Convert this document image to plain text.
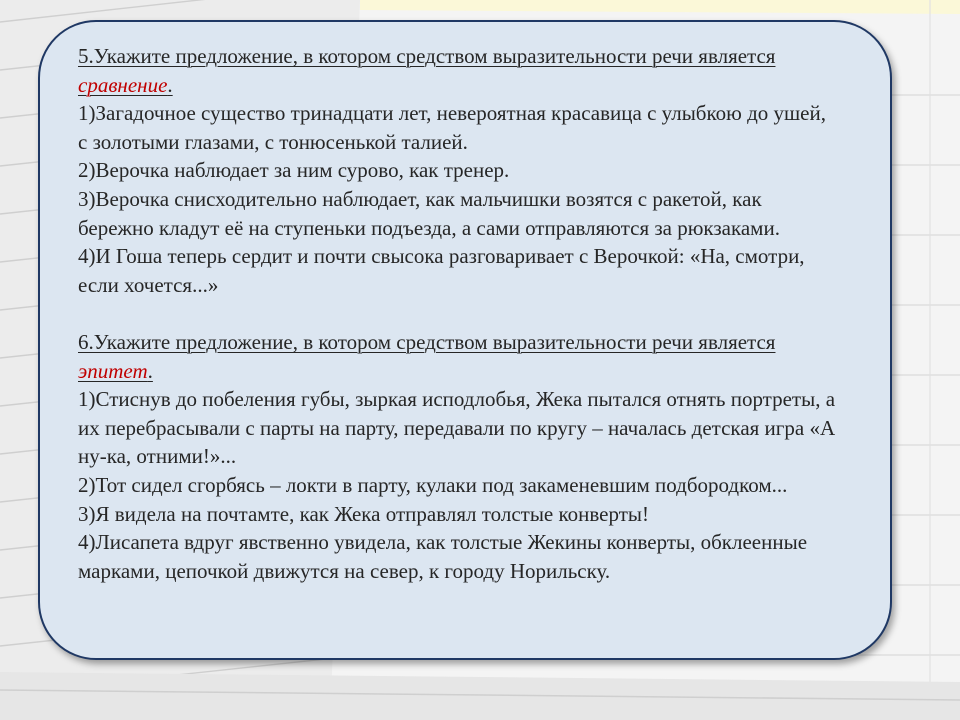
5.Укажите предложение, в котором средством выразительности речи является сравнение.

1)Загадочное существо тринадцати лет, невероятная красавица с улыбкою до ушей, с золотыми глазами, с тонюсенькой талией.

2)Верочка наблюдает за ним сурово, как тренер.

3)Верочка снисходительно наблюдает, как мальчишки возятся с ракетой, как бережно кладут её на ступеньки подъезда, а сами отправляются за рюкзаками.

4)И Гоша теперь сердит и почти свысока разговаривает с Верочкой: «На, смотри, если хочется...»

6.Укажите предложение, в котором средством выразительности речи является эпитет.

1)Стиснув до побеления губы, зыркая исподлобья, Жека пытался отнять портреты, а их перебрасывали с парты на парту, передавали по кругу – началась детская игра «А ну-ка, отними!»...

2)Тот сидел сгорбясь – локти в парту, кулаки под закаменевшим подбородком...

3)Я видела на почтамте, как Жека отправлял толстые конверты!

4)Лисапета вдруг явственно увидела, как толстые Жекины конверты, обклеенные марками, цепочкой движутся на север, к городу Норильску.
